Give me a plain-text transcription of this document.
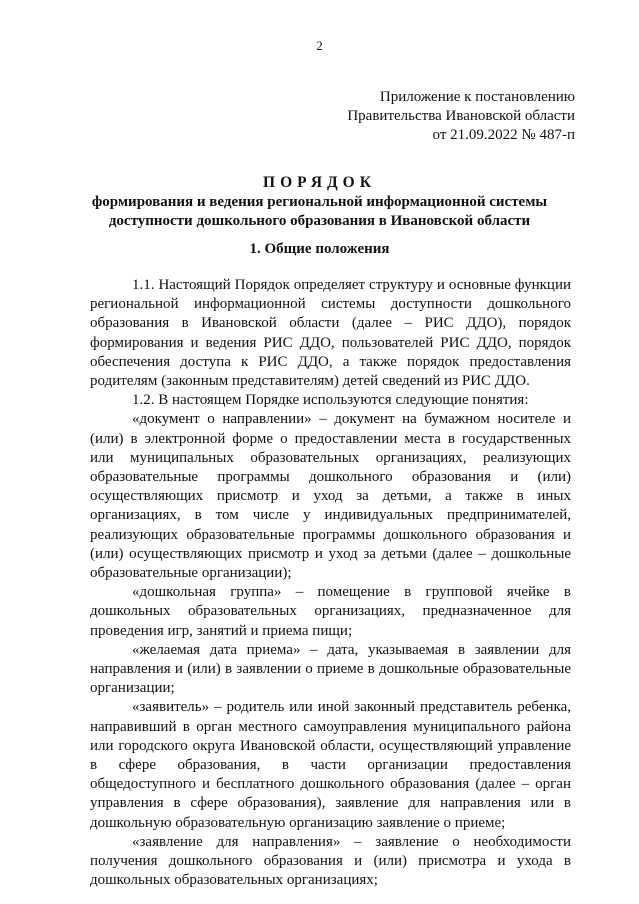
2
Приложение к постановлению
Правительства Ивановской области
от 21.09.2022 № 487-п
ПОРЯДОК
формирования и ведения региональной информационной системы
доступности дошкольного образования в Ивановской области
1. Общие положения

1.1. Настоящий Порядок определяет структуру и основные функции региональной информационной системы доступности дошкольного образования в Ивановской области (далее – РИС ДДО), порядок формирования и ведения РИС ДДО, пользователей РИС ДДО, порядок обеспечения доступа к РИС ДДО, а также порядок предоставления родителям (законным представителям) детей сведений из РИС ДДО.

1.2. В настоящем Порядке используются следующие понятия:

«документ о направлении» – документ на бумажном носителе и (или) в электронной форме о предоставлении места в государственных или муниципальных образовательных организациях, реализующих образовательные программы дошкольного образования и (или) осуществляющих присмотр и уход за детьми, а также в иных организациях, в том числе у индивидуальных предпринимателей, реализующих образовательные программы дошкольного образования и (или) осуществляющих присмотр и уход за детьми (далее – дошкольные образовательные организации);

«дошкольная группа» – помещение в групповой ячейке в дошкольных образовательных организациях, предназначенное для проведения игр, занятий и приема пищи;

«желаемая дата приема» – дата, указываемая в заявлении для направления и (или) в заявлении о приеме в дошкольные образовательные организации;

«заявитель» – родитель или иной законный представитель ребенка, направивший в орган местного самоуправления муниципального района или городского округа Ивановской области, осуществляющий управление в сфере образования, в части организации предоставления общедоступного и бесплатного дошкольного образования (далее – орган управления в сфере образования), заявление для направления или в дошкольную образовательную организацию заявление о приеме;

«заявление для направления» – заявление о необходимости получения дошкольного образования и (или) присмотра и ухода в дошкольных образовательных организациях;
